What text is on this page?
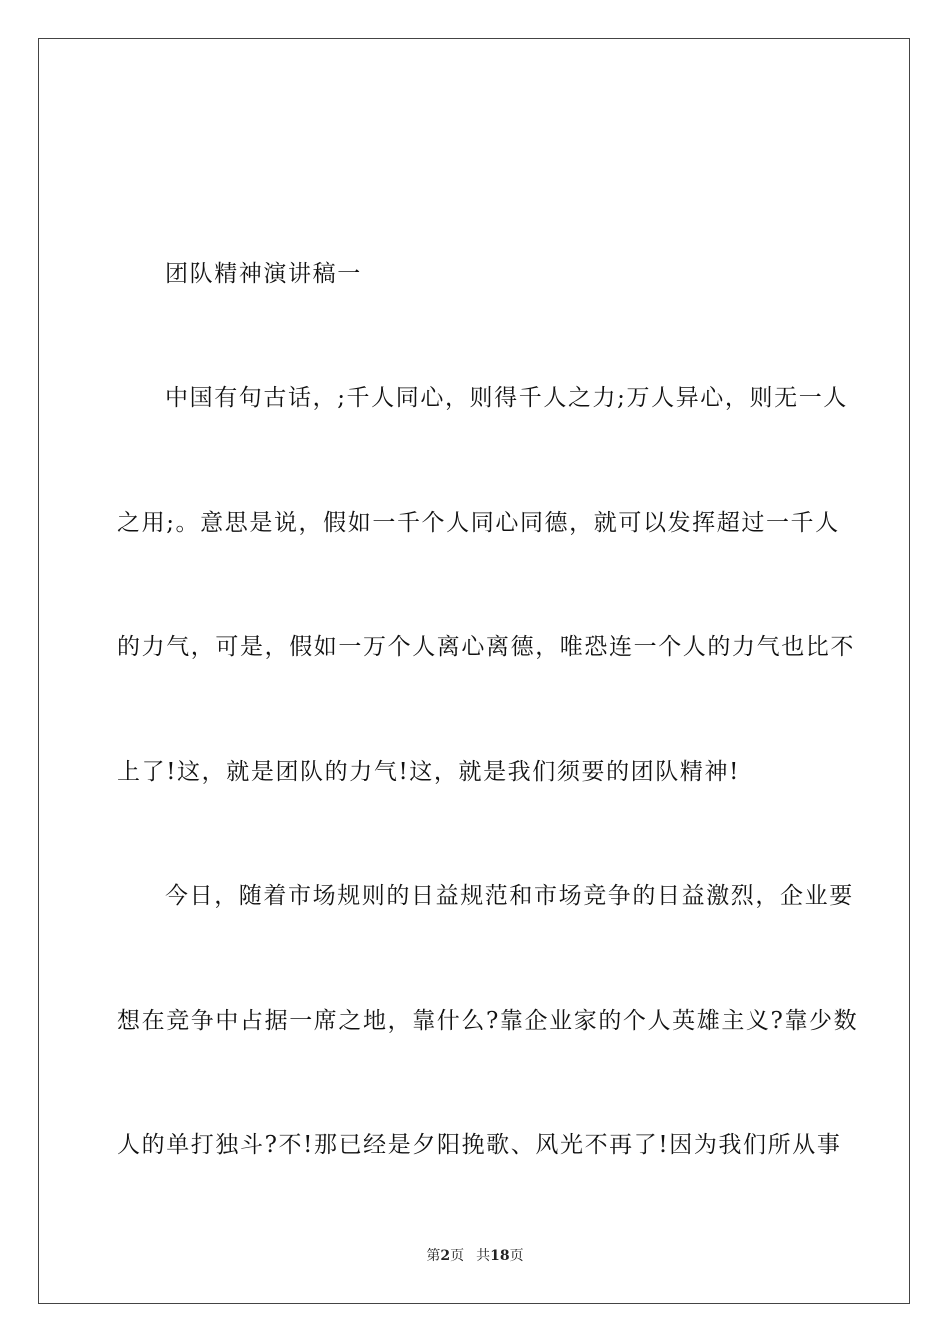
团队精神演讲稿一
中国有句古话，;千人同心，则得千人之力;万人异心，则无一人
之用;。意思是说，假如一千个人同心同德，就可以发挥超过一千人
的力气，可是，假如一万个人离心离德，唯恐连一个人的力气也比不
上了!这，就是团队的力气!这，就是我们须要的团队精神!
今日，随着市场规则的日益规范和市场竞争的日益激烈，企业要
想在竞争中占据一席之地，靠什么?靠企业家的个人英雄主义?靠少数
人的单打独斗?不!那已经是夕阳挽歌、风光不再了!因为我们所从事
第2页 共18页
